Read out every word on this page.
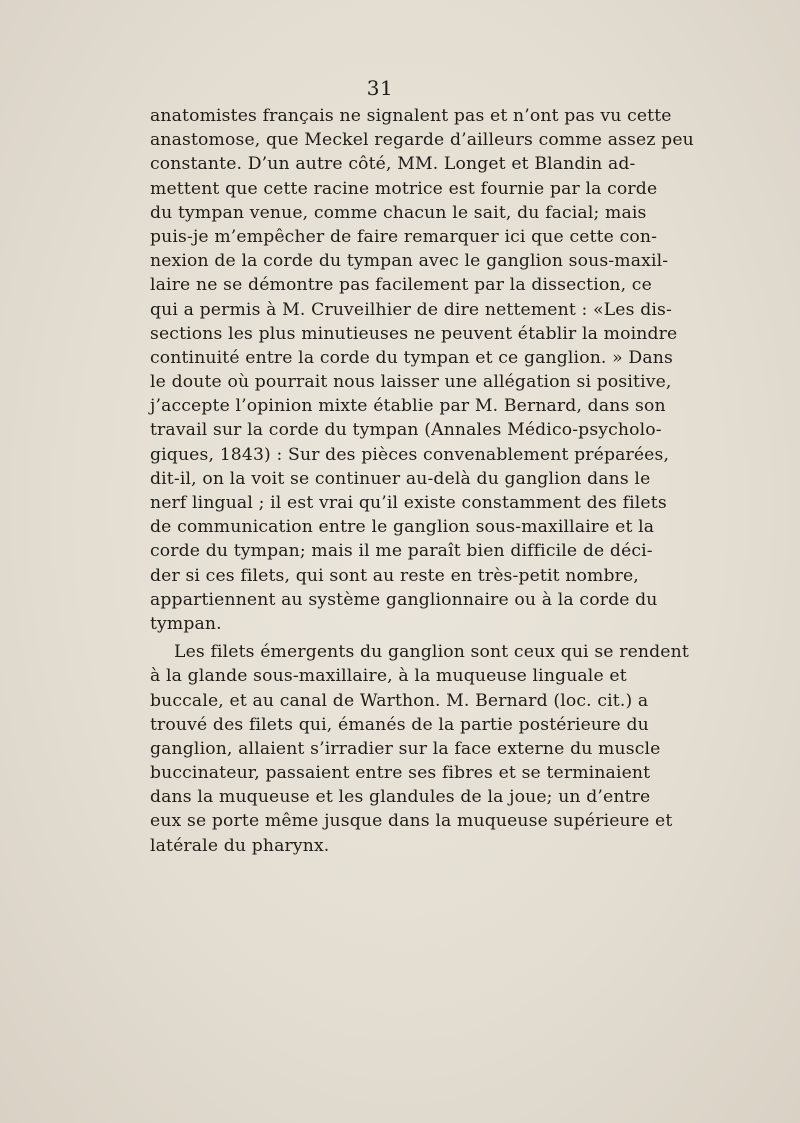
31
anatomistes français ne signalent pas et n’ont pas vu cette
anastomose, que Meckel regarde d’ailleurs comme assez peu
constante. D’un autre côté, MM. Longet et Blandin ad-
mettent que cette racine motrice est fournie par la corde
du tympan venue, comme chacun le sait, du facial; mais
puis-je m’empêcher de faire remarquer ici que cette con-
nexion de la corde du tympan avec le ganglion sous-maxil-
laire ne se démontre pas facilement par la dissection, ce
qui a permis à M. Cruveilhier de dire nettement : «Les dis-
sections les plus minutieuses ne peuvent établir la moindre
continuité entre la corde du tympan et ce ganglion. » Dans
le doute où pourrait nous laisser une allégation si positive,
j’accepte l’opinion mixte établie par M. Bernard, dans son
travail sur la corde du tympan (Annales Médico-psycholo-
giques, 1843) : Sur des pièces convenablement préparées,
dit-il, on la voit se continuer au-delà du ganglion dans le
nerf lingual ; il est vrai qu’il existe constamment des filets
de communication entre le ganglion sous-maxillaire et la
corde du tympan; mais il me paraît bien difficile de déci-
der si ces filets, qui sont au reste en très-petit nombre,
appartiennent au système ganglionnaire ou à la corde du
tympan.
Les filets émergents du ganglion sont ceux qui se rendent
à la glande sous-maxillaire, à la muqueuse linguale et
buccale, et au canal de Warthon. M. Bernard (loc. cit.) a
trouvé des filets qui, émanés de la partie postérieure du
ganglion, allaient s’irradier sur la face externe du muscle
buccinateur, passaient entre ses fibres et se terminaient
dans la muqueuse et les glandules de la joue; un d’entre
eux se porte même jusque dans la muqueuse supérieure et
latérale du pharynx.
